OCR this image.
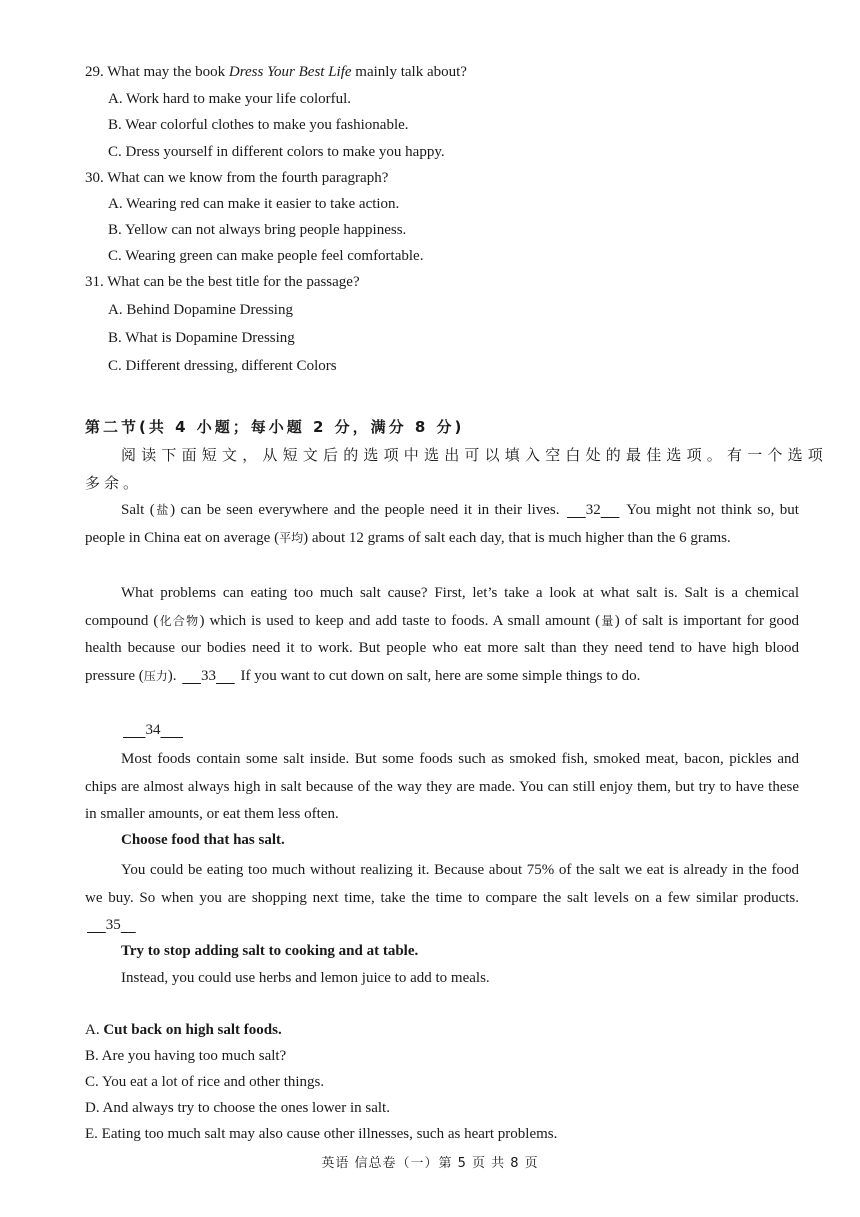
29. What may the book Dress Your Best Life mainly talk about?
A. Work hard to make your life colorful.
B. Wear colorful clothes to make you fashionable.
C. Dress yourself in different colors to make you happy.
30. What can we know from the fourth paragraph?
A. Wearing red can make it easier to take action.
B. Yellow can not always bring people happiness.
C. Wearing green can make people feel comfortable.
31. What can be the best title for the passage?
A. Behind Dopamine Dressing
B. What is Dopamine Dressing
C. Different dressing, different Colors
第二节(共 4 小题；每小题 2 分，满分 8 分)
阅读下面短文，从短文后的选项中选出可以填入空白处的最佳选项。有一个选项
多余。
Salt (盐) can be seen everywhere and the people need it in their lives.      32      You might not think so, but people in China eat on average (平均) about 12 grams of salt each day, that is much higher than the 6 grams.
What problems can eating too much salt cause? First, let’s take a look at what salt is. Salt is a chemical compound (化合物) which is used to keep and add taste to foods. A small amount (量) of salt is important for good health because our bodies need it to work. But people who eat more salt than they need tend to have high blood pressure (压力).      33      If you want to cut down on salt, here are some simple things to do.
34
Most foods contain some salt inside. But some foods such as smoked fish, smoked meat, bacon, pickles and chips are almost always high in salt because of the way they are made. You can still enjoy them, but try to have these in smaller amounts, or eat them less often.
Choose food that has salt.
You could be eating too much without realizing it. Because about 75% of the salt we eat is already in the food we buy. So when you are shopping next time, take the time to compare the salt levels on a few similar products.      35
Try to stop adding salt to cooking and at table.
Instead, you could use herbs and lemon juice to add to meals.
A. Cut back on high salt foods.
B. Are you having too much salt?
C. You eat a lot of rice and other things.
D. And always try to choose the ones lower in salt.
E. Eating too much salt may also cause other illnesses, such as heart problems.
英语 信总卷（一）第 5 页 共 8 页
